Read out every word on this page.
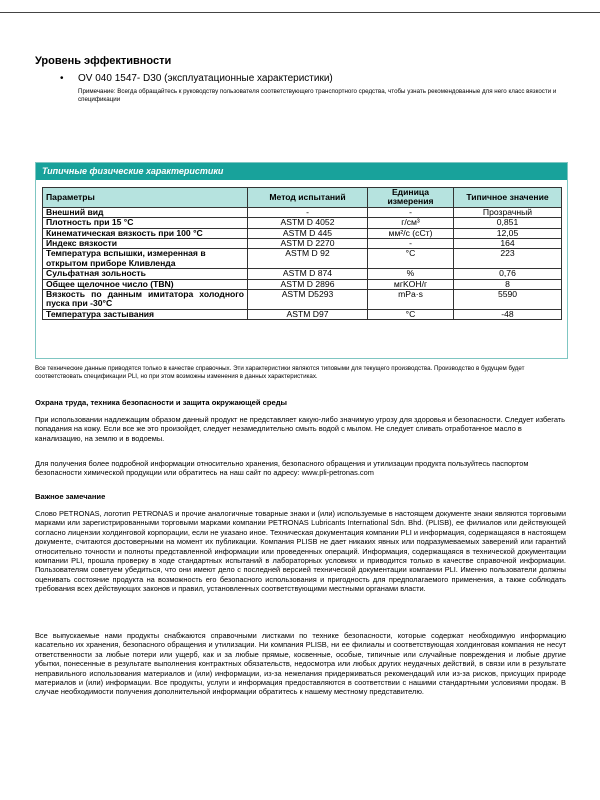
Уровень эффективности
• OV 040 1547- D30 (эксплуатационные характеристики)
Примечание: Всегда обращайтесь к руководству пользователя соответствующего транспортного средства, чтобы узнать рекомендованные для него класс вязкости и спецификации
Типичные физические характеристики
Параметры	Метод испытаний	Единица измерения	Типичное значение
Внешний вид	-	-	Прозрачный
Плотность при 15 °C	ASTM D 4052	г/см³	0,851
Кинематическая вязкость при 100 °C	ASTM D 445	мм²/с (сСт)	12,05
Индекс вязкости	ASTM D 2270	-	164
Температура вспышки, измеренная в открытом приборе Кливленда	ASTM D 92	°C	223
Сульфатная зольность	ASTM D 874	%	0,76
Общее щелочное число (TBN)	ASTM D 2896	мгKOH/г	8
Вязкость по данным имитатора холодного пуска при -30°C	ASTM D5293	mPa·s	5590
Температура застывания	ASTM D97	°C	-48
Все технические данные приводятся только в качестве справочных. Эти характеристики являются типовыми для текущего производства. Производство в будущем будет соответствовать спецификации PLI, но при этом возможны изменения в данных характеристиках.
Охрана труда, техника безопасности и защита окружающей среды
При использовании надлежащим образом данный продукт не представляет какую-либо значимую угрозу для здоровья и безопасности. Следует избегать попадания на кожу. Если все же это произойдет, следует незамедлительно смыть водой с мылом. Не следует сливать отработанное масло в канализацию, на землю и в водоемы.
Для получения более подробной информации относительно хранения, безопасного обращения и утилизации продукта пользуйтесь паспортом безопасности химической продукции или обратитесь на наш сайт по адресу: www.pli-petronas.com
Важное замечание
Слово PETRONAS, логотип PETRONAS и прочие аналогичные товарные знаки и (или) используемые в настоящем документе знаки являются торговыми марками или зарегистрированными торговыми марками компании PETRONAS Lubricants International Sdn. Bhd. (PLISB), ее филиалов или действующей согласно лицензии холдинговой корпорации, если не указано иное. Техническая документация компании PLI и информация, содержащаяся в настоящем документе, считаются достоверными на момент их публикации. Компания PLISB не дает никаких явных или подразумеваемых заверений или гарантий относительно точности и полноты представленной информации или проведенных операций. Информация, содержащаяся в технической документации компании PLI, прошла проверку в ходе стандартных испытаний в лабораторных условиях и приводится только в качестве справочной информации. Пользователям советуем убедиться, что они имеют дело с последней версией технической документации компании PLI. Именно пользователи должны оценивать состояние продукта на возможность его безопасного использования и пригодность для предполагаемого применения, а также соблюдать требования всех действующих законов и правил, установленных соответствующими местными органами власти.
Все выпускаемые нами продукты снабжаются справочными листками по технике безопасности, которые содержат необходимую информацию касательно их хранения, безопасного обращения и утилизации. Ни компания PLISB, ни ее филиалы и соответствующая холдинговая компания не несут ответственности за любые потери или ущерб, как и за любые прямые, косвенные, особые, типичные или случайные повреждения и любые другие убытки, понесенные в результате выполнения контрактных обязательств, недосмотра или любых других неудачных действий, в связи или в результате неправильного использования материалов и (или) информации, из-за нежелания придерживаться рекомендаций или из-за рисков, присущих природе материалов и (или) информации. Все продукты, услуги и информация предоставляются в соответствии с нашими стандартными условиями продаж. В случае необходимости получения дополнительной информации обратитесь к нашему местному представителю.
